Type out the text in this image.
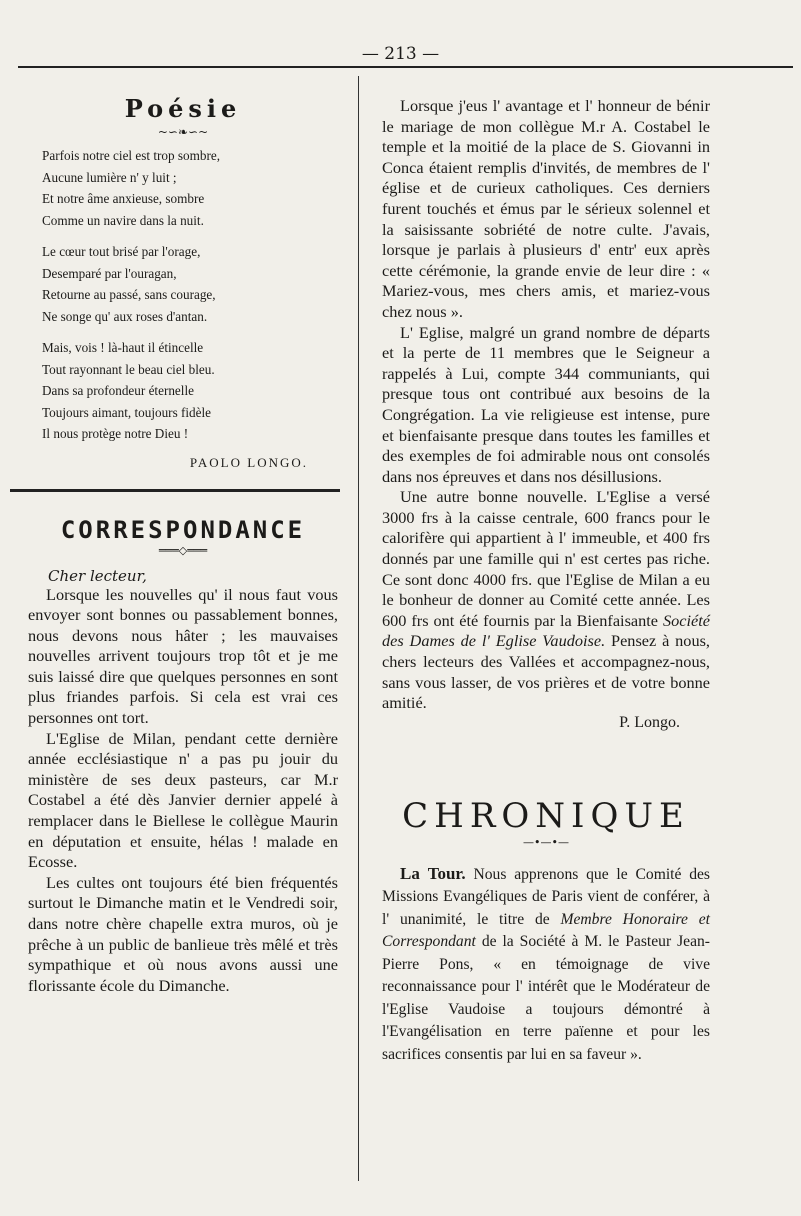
— 213 —
Poésie
~∽❧∽~
Parfois notre ciel est trop sombre,
Aucune lumière n' y luit ;
Et notre âme anxieuse, sombre
Comme un navire dans la nuit.
Le cœur tout brisé par l'orage,
Desemparé par l'ouragan,
Retourne au passé, sans courage,
Ne songe qu' aux roses d'antan.
Mais, vois ! là-haut il étincelle
Tout rayonnant le beau ciel bleu.
Dans sa profondeur éternelle
Toujours aimant, toujours fidèle
Il nous protège notre Dieu !
PAOLO LONGO.
CORRESPONDANCE
═══◇═══
Cher lecteur,

Lorsque les nouvelles qu' il nous faut vous envoyer sont bonnes ou passablement bonnes, nous devons nous hâter ; les mauvaises nouvelles arrivent toujours trop tôt et je me suis laissé dire que quelques personnes en sont plus friandes parfois. Si cela est vrai ces personnes ont tort.

L'Eglise de Milan, pendant cette dernière année ecclésiastique n' a pas pu jouir du ministère de ses deux pasteurs, car M.r Costabel a été dès Janvier dernier appelé à remplacer dans le Biellese le collègue Maurin en députation et ensuite, hélas ! malade en Ecosse.

Les cultes ont toujours été bien fréquentés surtout le Dimanche matin et le Vendredi soir, dans notre chère chapelle extra muros, où je prêche à un public de banlieue très mêlé et très sympathique et où nous avons aussi une florissante école du Dimanche.

Lorsque j'eus l' avantage et l' honneur de bénir le mariage de mon collègue M.r A. Costabel le temple et la moitié de la place de S. Giovanni in Conca étaient remplis d'invités, de membres de l' église et de curieux catholiques. Ces derniers furent touchés et émus par le sérieux solennel et la saisissante sobriété de notre culte. J'avais, lorsque je parlais à plusieurs d' entr' eux après cette cérémonie, la grande envie de leur dire : « Mariez-vous, mes chers amis, et mariez-vous chez nous ».

L' Eglise, malgré un grand nombre de départs et la perte de 11 membres que le Seigneur a rappelés à Lui, compte 344 communiants, qui presque tous ont contribué aux besoins de la Congrégation. La vie religieuse est intense, pure et bienfaisante presque dans toutes les familles et des exemples de foi admirable nous ont consolés dans nos épreuves et dans nos désillusions.

Une autre bonne nouvelle. L'Eglise a versé 3000 frs à la caisse centrale, 600 francs pour le calorifère qui appartient à l' immeuble, et 400 frs donnés par une famille qui n' est certes pas riche. Ce sont donc 4000 frs. que l'Eglise de Milan a eu le bonheur de donner au Comité cette année. Les 600 frs ont été fournis par la Bienfaisante Société des Dames de l' Eglise Vaudoise. Pensez à nous, chers lecteurs des Vallées et accompagnez-nous, sans vous lasser, de vos prières et de votre bonne amitié.

P. Longo.
CHRONIQUE
—•—•—

La Tour. Nous apprenons que le Comité des Missions Evangéliques de Paris vient de conférer, à l' unanimité, le titre de Membre Honoraire et Correspondant de la Société à M. le Pasteur Jean-Pierre Pons, « en témoignage de vive reconnaissance pour l' intérêt que le Modérateur de l'Eglise Vaudoise a toujours démontré à l'Evangélisation en terre païenne et pour les sacrifices consentis par lui en sa faveur ».
